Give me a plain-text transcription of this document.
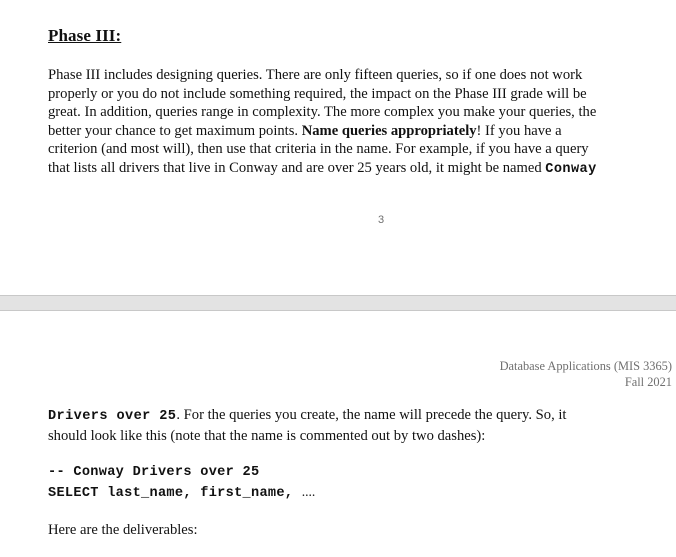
Phase III:

Phase III includes designing queries. There are only fifteen queries, so if one does not work
properly or you do not include something required, the impact on the Phase III grade will be
great. In addition, queries range in complexity. The more complex you make your queries, the
better your chance to get maximum points. Name queries appropriately! If you have a
criterion (and most will), then use that criteria in the name. For example, if you have a query
that lists all drivers that live in Conway and are over 25 years old, it might be named Conway

3
Database Applications (MIS 3365)
Fall 2021

Drivers over 25. For the queries you create, the name will precede the query. So, it
should look like this (note that the name is commented out by two dashes):

-- Conway Drivers over 25
SELECT last_name, first_name, ....
Here are the deliverables:
